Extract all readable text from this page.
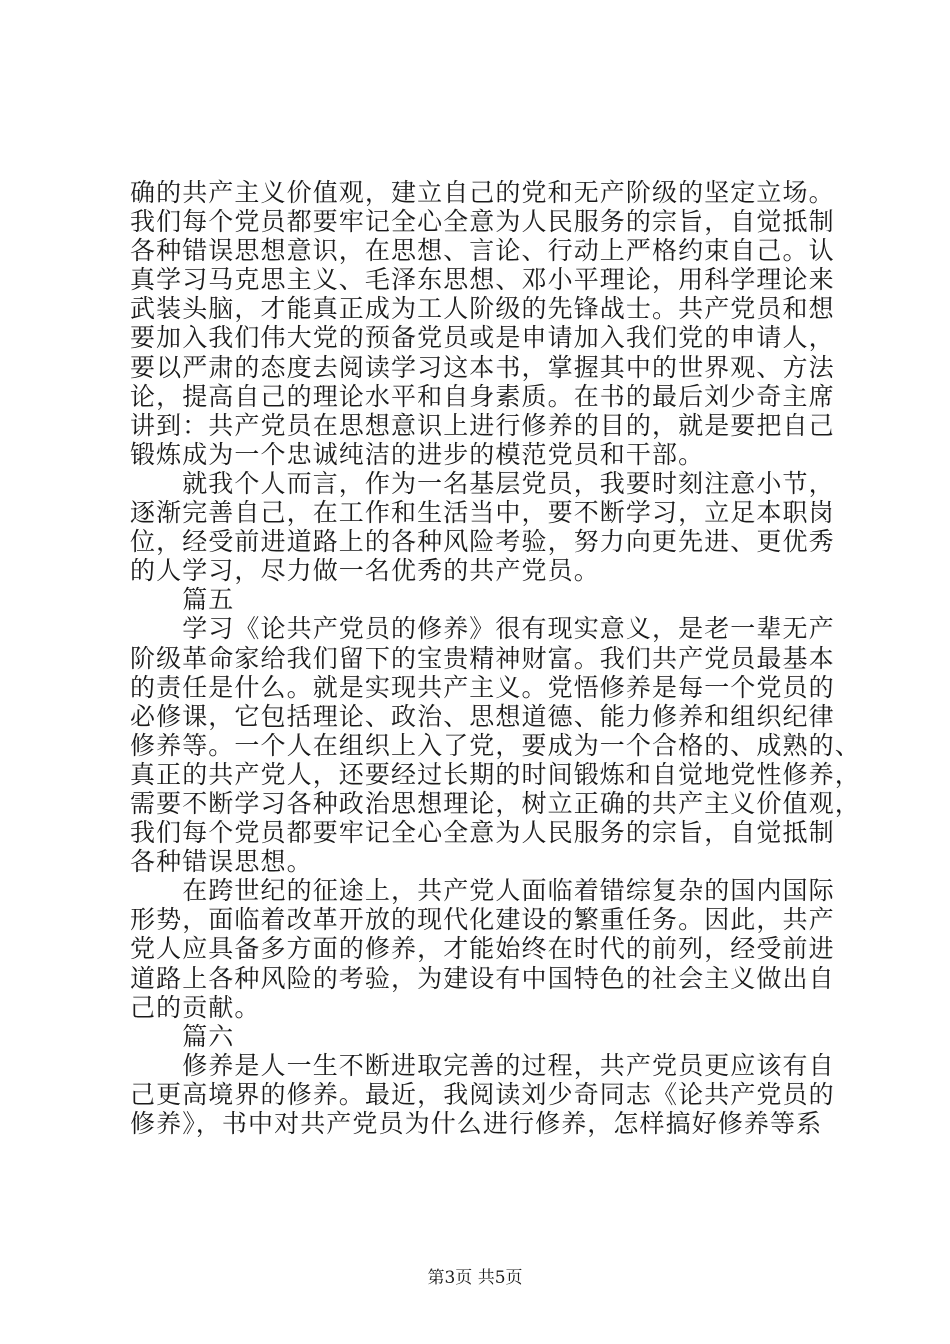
确的共产主义价值观，建立自己的党和无产阶级的坚定立场。
我们每个党员都要牢记全心全意为人民服务的宗旨，自觉抵制
各种错误思想意识，在思想、言论、行动上严格约束自己。认
真学习马克思主义、毛泽东思想、邓小平理论，用科学理论来
武装头脑，才能真正成为工人阶级的先锋战士。共产党员和想
要加入我们伟大党的预备党员或是申请加入我们党的申请人，
要以严肃的态度去阅读学习这本书，掌握其中的世界观、方法
论，提高自己的理论水平和自身素质。在书的最后刘少奇主席
讲到：共产党员在思想意识上进行修养的目的，就是要把自己
锻炼成为一个忠诚纯洁的进步的模范党员和干部。
　　就我个人而言，作为一名基层党员，我要时刻注意小节，
逐渐完善自己，在工作和生活当中，要不断学习，立足本职岗
位，经受前进道路上的各种风险考验，努力向更先进、更优秀
的人学习，尽力做一名优秀的共产党员。
　　篇五
　　学习《论共产党员的修养》很有现实意义，是老一辈无产
阶级革命家给我们留下的宝贵精神财富。我们共产党员最基本
的责任是什么。就是实现共产主义。党悟修养是每一个党员的
必修课，它包括理论、政治、思想道德、能力修养和组织纪律
修养等。一个人在组织上入了党，要成为一个合格的、成熟的、
真正的共产党人，还要经过长期的时间锻炼和自觉地党性修养，
需要不断学习各种政治思想理论，树立正确的共产主义价值观，
我们每个党员都要牢记全心全意为人民服务的宗旨，自觉抵制
各种错误思想。
　　在跨世纪的征途上，共产党人面临着错综复杂的国内国际
形势，面临着改革开放的现代化建设的繁重任务。因此，共产
党人应具备多方面的修养，才能始终在时代的前列，经受前进
道路上各种风险的考验，为建设有中国特色的社会主义做出自
己的贡献。
　　篇六
　　修养是人一生不断进取完善的过程，共产党员更应该有自
己更高境界的修养。最近，我阅读刘少奇同志《论共产党员的
修养》，书中对共产党员为什么进行修养，怎样搞好修养等系
第3页 共5页
